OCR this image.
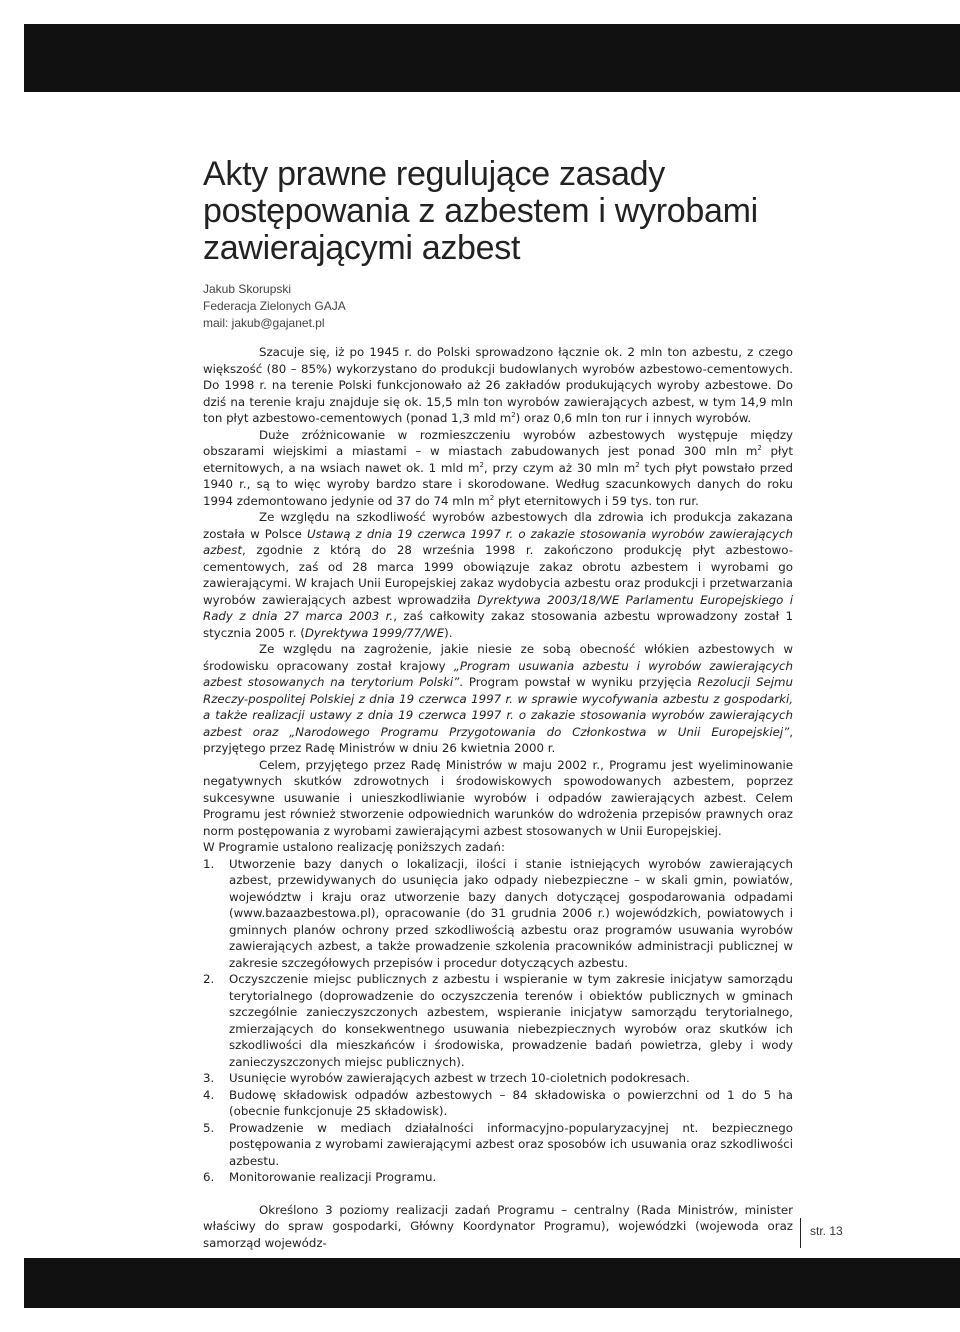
Akty prawne regulujące zasady
postępowania z azbestem i wyrobami
zawierającymi azbest
Jakub Skorupski
Federacja Zielonych GAJA
mail: jakub@gajanet.pl

Szacuje się, iż po 1945 r. do Polski sprowadzono łącznie ok. 2 mln ton azbestu, z czego większość (80 – 85%) wykorzystano do produkcji budowlanych wyrobów azbestowo-cementowych. Do 1998 r. na terenie Polski funkcjonowało aż 26 zakładów produkujących wyroby azbestowe. Do dziś na terenie kraju znajduje się ok. 15,5 mln ton wyrobów zawierających azbest, w tym 14,9 mln ton płyt azbestowo-cementowych (ponad 1,3 mld $m^2$) oraz 0,6 mln ton rur i innych wyrobów.

Duże zróżnicowanie w rozmieszczeniu wyrobów azbestowych występuje między obszarami wiejskimi a miastami – w miastach zabudowanych jest ponad 300 mln $m^2$ płyt eternitowych, a na wsiach nawet ok. 1 mld $m^2$, przy czym aż 30 mln $m^2$ tych płyt powstało przed 1940 r., są to więc wyroby bardzo stare i skorodowane. Według szacunkowych danych do roku 1994 zdemontowano jedynie od 37 do 74 mln $m^2$ płyt eternitowych i 59 tys. ton rur.

Ze względu na szkodliwość wyrobów azbestowych dla zdrowia ich produkcja zakazana została w Polsce Ustawą z dnia 19 czerwca 1997 r. o zakazie stosowania wyrobów zawierających azbest, zgodnie z którą do 28 września 1998 r. zakończono produkcję płyt azbestowo-cementowych, zaś od 28 marca 1999 obowiązuje zakaz obrotu azbestem i wyrobami go zawierającymi. W krajach Unii Europejskiej zakaz wydobycia azbestu oraz produkcji i przetwarzania wyrobów zawierających azbest wprowadziła Dyrektywa 2003/18/WE Parlamentu Europejskiego i Rady z dnia 27 marca 2003 r., zaś całkowity zakaz stosowania azbestu wprowadzony został 1 stycznia 2005 r. (Dyrektywa 1999/77/WE).

Ze względu na zagrożenie, jakie niesie ze sobą obecność włókien azbestowych w środowisku opracowany został krajowy „Program usuwania azbestu i wyrobów zawierających azbest stosowanych na terytorium Polski”. Program powstał w wyniku przyjęcia Rezolucji Sejmu Rzeczy-pospolitej Polskiej z dnia 19 czerwca 1997 r. w sprawie wycofywania azbestu z gospodarki, a także realizacji ustawy z dnia 19 czerwca 1997 r. o zakazie stosowania wyrobów zawierających azbest oraz „Narodowego Programu Przygotowania do Członkostwa w Unii Europejskiej”, przyjętego przez Radę Ministrów w dniu 26 kwietnia 2000 r.

Celem, przyjętego przez Radę Ministrów w maju 2002 r., Programu jest wyeliminowanie negatywnych skutków zdrowotnych i środowiskowych spowodowanych azbestem, poprzez sukcesywne usuwanie i unieszkodliwianie wyrobów i odpadów zawierających azbest. Celem Programu jest również stworzenie odpowiednich warunków do wdrożenia przepisów prawnych oraz norm postępowania z wyrobami zawierającymi azbest stosowanych w Unii Europejskiej.

W Programie ustalono realizację poniższych zadań:

1. Utworzenie bazy danych o lokalizacji, ilości i stanie istniejących wyrobów zawierających azbest, przewidywanych do usunięcia jako odpady niebezpieczne – w skali gmin, powiatów, województw i kraju oraz utworzenie bazy danych dotyczącej gospodarowania odpadami (www.bazaazbestowa.pl), opracowanie (do 31 grudnia 2006 r.) wojewódzkich, powiatowych i gminnych planów ochrony przed szkodliwością azbestu oraz programów usuwania wyrobów zawierających azbest, a także prowadzenie szkolenia pracowników administracji publicznej w zakresie szczegółowych przepisów i procedur dotyczących azbestu.
2. Oczyszczenie miejsc publicznych z azbestu i wspieranie w tym zakresie inicjatyw samorządu terytorialnego (doprowadzenie do oczyszczenia terenów i obiektów publicznych w gminach szczególnie zanieczyszczonych azbestem, wspieranie inicjatyw samorządu terytorialnego, zmierzających do konsekwentnego usuwania niebezpiecznych wyrobów oraz skutków ich szkodliwości dla mieszkańców i środowiska, prowadzenie badań powietrza, gleby i wody zanieczyszczonych miejsc publicznych).
3. Usunięcie wyrobów zawierających azbest w trzech 10-cioletnich podokresach.
4. Budowę składowisk odpadów azbestowych – 84 składowiska o powierzchni od 1 do 5 ha (obecnie funkcjonuje 25 składowisk).
5. Prowadzenie w mediach działalności informacyjno-popularyzacyjnej nt. bezpiecznego postępowania z wyrobami zawierającymi azbest oraz sposobów ich usuwania oraz szkodliwości azbestu.
6. Monitorowanie realizacji Programu.

Określono 3 poziomy realizacji zadań Programu – centralny (Rada Ministrów, minister właściwy do spraw gospodarki, Główny Koordynator Programu), wojewódzki (wojewoda oraz samorząd wojewódz-

str. 13
